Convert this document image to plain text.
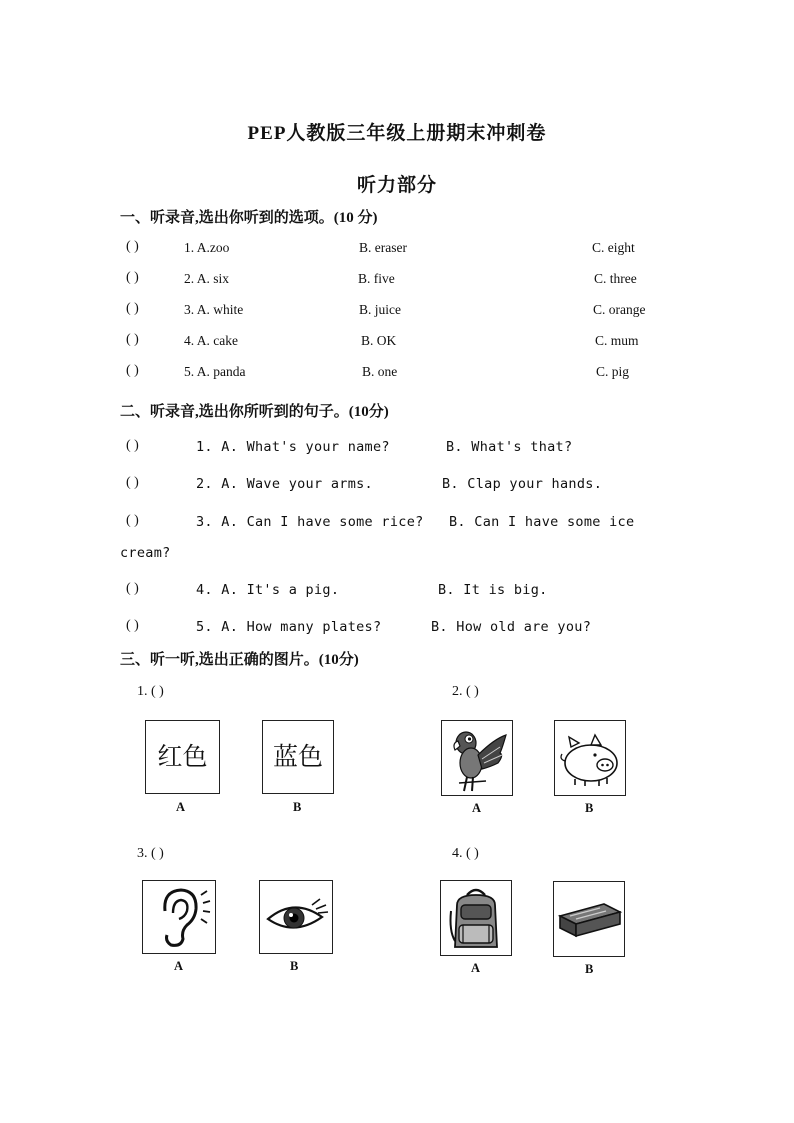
PEP人教版三年级上册期末冲刺卷
听力部分
一、听录音,选出你听到的选项。(10 分)
( )	1. A.zoo	B. eraser	C. eight
( )	2. A. six	B. five	C. three
( )	3. A. white	B. juice	C. orange
( )	4. A. cake	B. OK	C. mum
( )	5. A. panda	B. one	C. pig
二、听录音,选出你所听到的句子。(10分)
( )	1. A. What's your name?	B. What's that?
( )	2. A. Wave your arms.	B. Clap your hands.
( )	3. A. Can I have some rice? B. Can I have some ice
cream?
( )	4. A. It's a pig.	B. It is big.
( )	5. A. How many plates?	B. How old are you?
三、听一听,选出正确的图片。(10分)
1. ( )	2. ( )
3. ( )	4. ( )
红色	蓝色
A	B	A	B
A	B	A	B
